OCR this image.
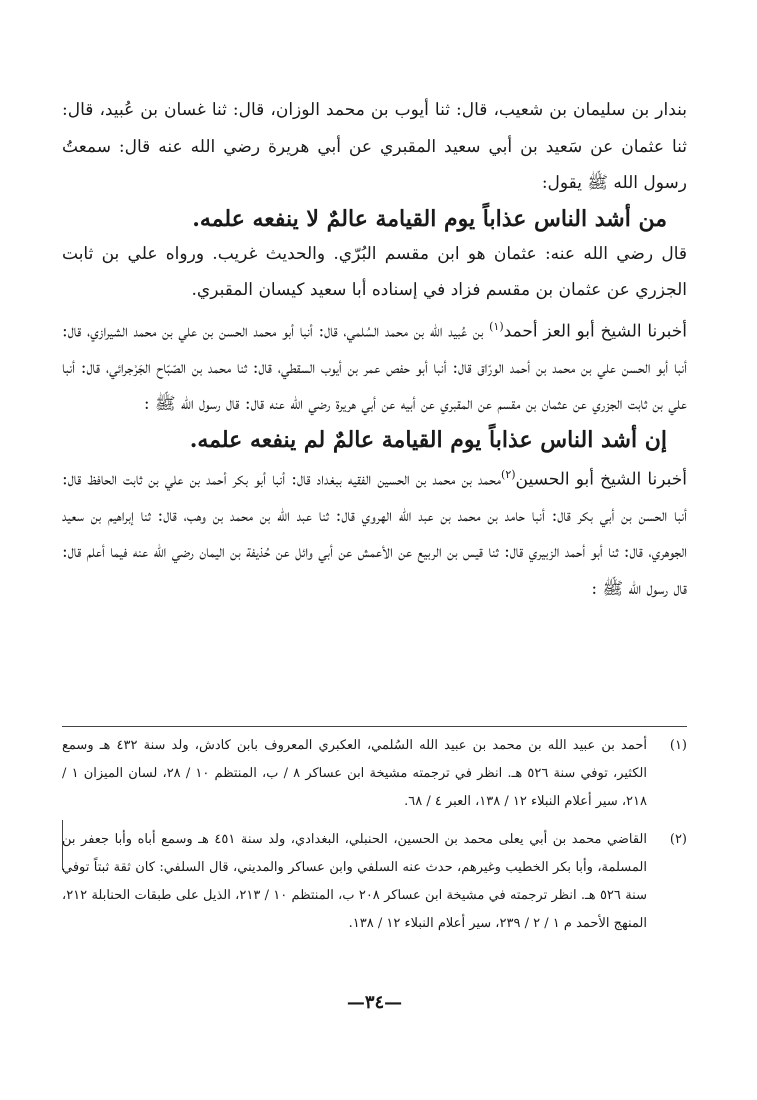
بندار بن سليمان بن شعيب، قال: ثنا أيوب بن محمد الوزان، قال: ثنا غسان بن عُبيد، قال: ثنا عثمان عن سَعيد بن أبي سعيد المقبري عن أبي هريرة رضي الله عنه قال: سمعتُ رسول الله ﷺ يقول:

من أشد الناس عذاباً يوم القيامة عالمٌ لا ينفعه علمه.

قال رضي الله عنه: عثمان هو ابن مقسم البُرّي. والحديث غريب. ورواه علي بن ثابت الجزري عن عثمان بن مقسم فزاد في إسناده أبا سعيد كيسان المقبري.

أخبرنا الشيخ أبو العز أحمد$^{(١)}$ بن عُبيد الله بن محمد السُلمي، قال: أنبا أبو محمد الحسن بن علي بن محمد الشيرازي، قال: أنبا أبو الحسن علي بن محمد بن أحمد الورّاق قال: أنبا أبو حفص عمر بن أيوب السقطي، قال: ثنا محمد بن الصّبّاح الجَرْجرائي، قال: أنبا علي بن ثابت الجزري عن عثمان بن مقسم عن المقبري عن أبيه عن أبي هريرة رضي الله عنه قال: قال رسول الله ﷺ :

إن أشد الناس عذاباً يوم القيامة عالمٌ لم ينفعه علمه.

أخبرنا الشيخ أبو الحسين$^{(٢)}$محمد بن محمد بن الحسين الفقيه ببغداد قال: أنبا أبو بكر أحمد بن علي بن ثابت الحافظ قال: أنبا الحسن بن أبي بكر قال: أنبا حامد بن محمد بن عبد الله الهروي قال: ثنا عبد الله بن محمد بن وهب، قال: ثنا إبراهيم بن سعيد الجوهري، قال: ثنا أبو أحمد الزبيري قال: ثنا قيس بن الربيع عن الأعمش عن أبي وائل عن حُذيفة بن اليمان رضي الله عنه فيما أعلم قال: قال رسول الله ﷺ :

(١)
أحمد بن عبيد الله بن محمد بن عبيد الله السُلمي، العكبري المعروف بابن كادش، ولد سنة ٤٣٢ هـ وسمع الكثير، توفي سنة ٥٢٦ هـ. انظر في ترجمته مشيخة ابن عساكر ٨ / ب، المنتظم ١٠ / ٢٨، لسان الميزان ١ / ٢١٨، سير أعلام النبلاء ١٢ / ١٣٨، العبر ٤ / ٦٨.
(٢)
القاضي محمد بن أبي يعلى محمد بن الحسين، الحنبلي، البغدادي، ولد سنة ٤٥١ هـ وسمع أباه وأبا جعفر بن المسلمة، وأبا بكر الخطيب وغيرهم، حدث عنه السلفي وابن عساكر والمديني، قال السلفي: كان ثقة ثبتاً توفي سنة ٥٢٦ هـ. انظر ترجمته في مشيخة ابن عساكر ٢٠٨ ب، المنتظم ١٠ / ٢١٣، الذيل على طبقات الحنابلة ٢١٢، المنهج الأحمد م ١ / ٢ / ٢٣٩، سير أعلام النبلاء ١٢ / ١٣٨.
—٣٤—
